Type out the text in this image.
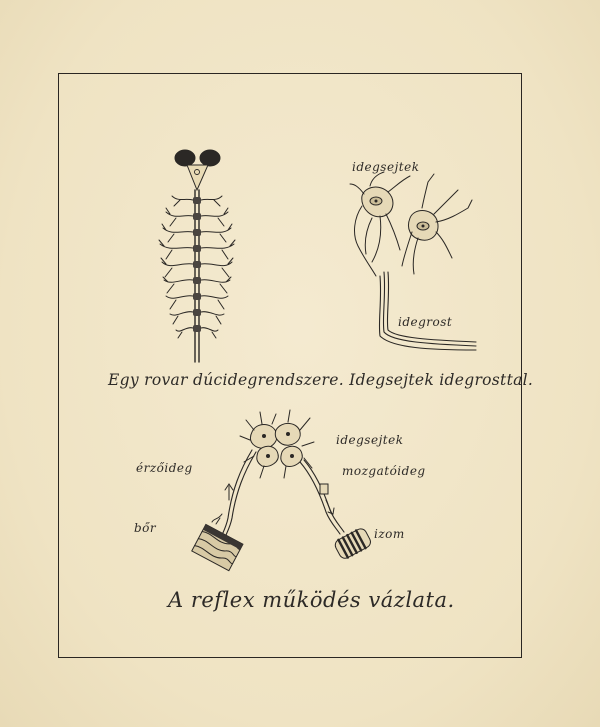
idegsejtek
idegrost
érzőideg
idegsejtek
mozgatóideg
bőr	izom
Egy rovar dúcidegrendszere. Idegsejtek idegrosttal.
A reflex működés vázlata.
